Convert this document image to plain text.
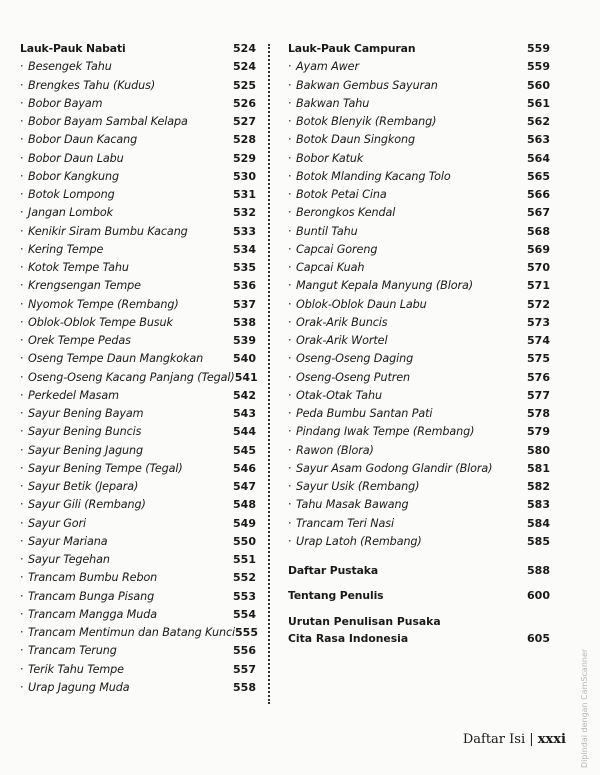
Lauk-Pauk Nabati	524
·Besengek Tahu	524
·Brengkes Tahu (Kudus)	525
·Bobor Bayam	526
·Bobor Bayam Sambal Kelapa	527
·Bobor Daun Kacang	528
·Bobor Daun Labu	529
·Bobor Kangkung	530
·Botok Lompong	531
·Jangan Lombok	532
·Kenikir Siram Bumbu Kacang	533
·Kering Tempe	534
·Kotok Tempe Tahu	535
·Krengsengan Tempe	536
·Nyomok Tempe (Rembang)	537
·Oblok-Oblok Tempe Busuk	538
·Orek Tempe Pedas	539
·Oseng Tempe Daun Mangkokan	540
·Oseng-Oseng Kacang Panjang (Tegal) 541
·Perkedel Masam	542
·Sayur Bening Bayam	543
·Sayur Bening Buncis	544
·Sayur Bening Jagung	545
·Sayur Bening Tempe (Tegal)	546
·Sayur Betik (Jepara)	547
·Sayur Gili (Rembang)	548
·Sayur Gori	549
·Sayur Mariana	550
·Sayur Tegehan	551
·Trancam Bumbu Rebon	552
·Trancam Bunga Pisang	553
·Trancam Mangga Muda	554
·Trancam Mentimun dan Batang Kunci 555
·Trancam Terung	556
·Terik Tahu Tempe	557
·Urap Jagung Muda	558
Lauk-Pauk Campuran	559
·Ayam Awer	559
·Bakwan Gembus Sayuran	560
·Bakwan Tahu	561
·Botok Blenyik (Rembang)	562
·Botok Daun Singkong	563
·Bobor Katuk	564
·Botok Mlanding Kacang Tolo	565
·Botok Petai Cina	566
·Berongkos Kendal	567
·Buntil Tahu	568
·Capcai Goreng	569
·Capcai Kuah	570
·Mangut Kepala Manyung (Blora)	571
·Oblok-Oblok Daun Labu	572
·Orak-Arik Buncis	573
·Orak-Arik Wortel	574
·Oseng-Oseng Daging	575
·Oseng-Oseng Putren	576
·Otak-Otak Tahu	577
·Peda Bumbu Santan Pati	578
·Pindang Iwak Tempe (Rembang)	579
·Rawon (Blora)	580
·Sayur Asam Godong Glandir (Blora)	581
·Sayur Usik (Rembang)	582
·Tahu Masak Bawang	583
·Trancam Teri Nasi	584
·Urap Latoh (Rembang)	585
Daftar Pustaka	588
Tentang Penulis	600
Urutan Penulisan Pusaka
Cita Rasa Indonesia	605
Daftar Isi | xxxi Dipindai dengan CamScanner
